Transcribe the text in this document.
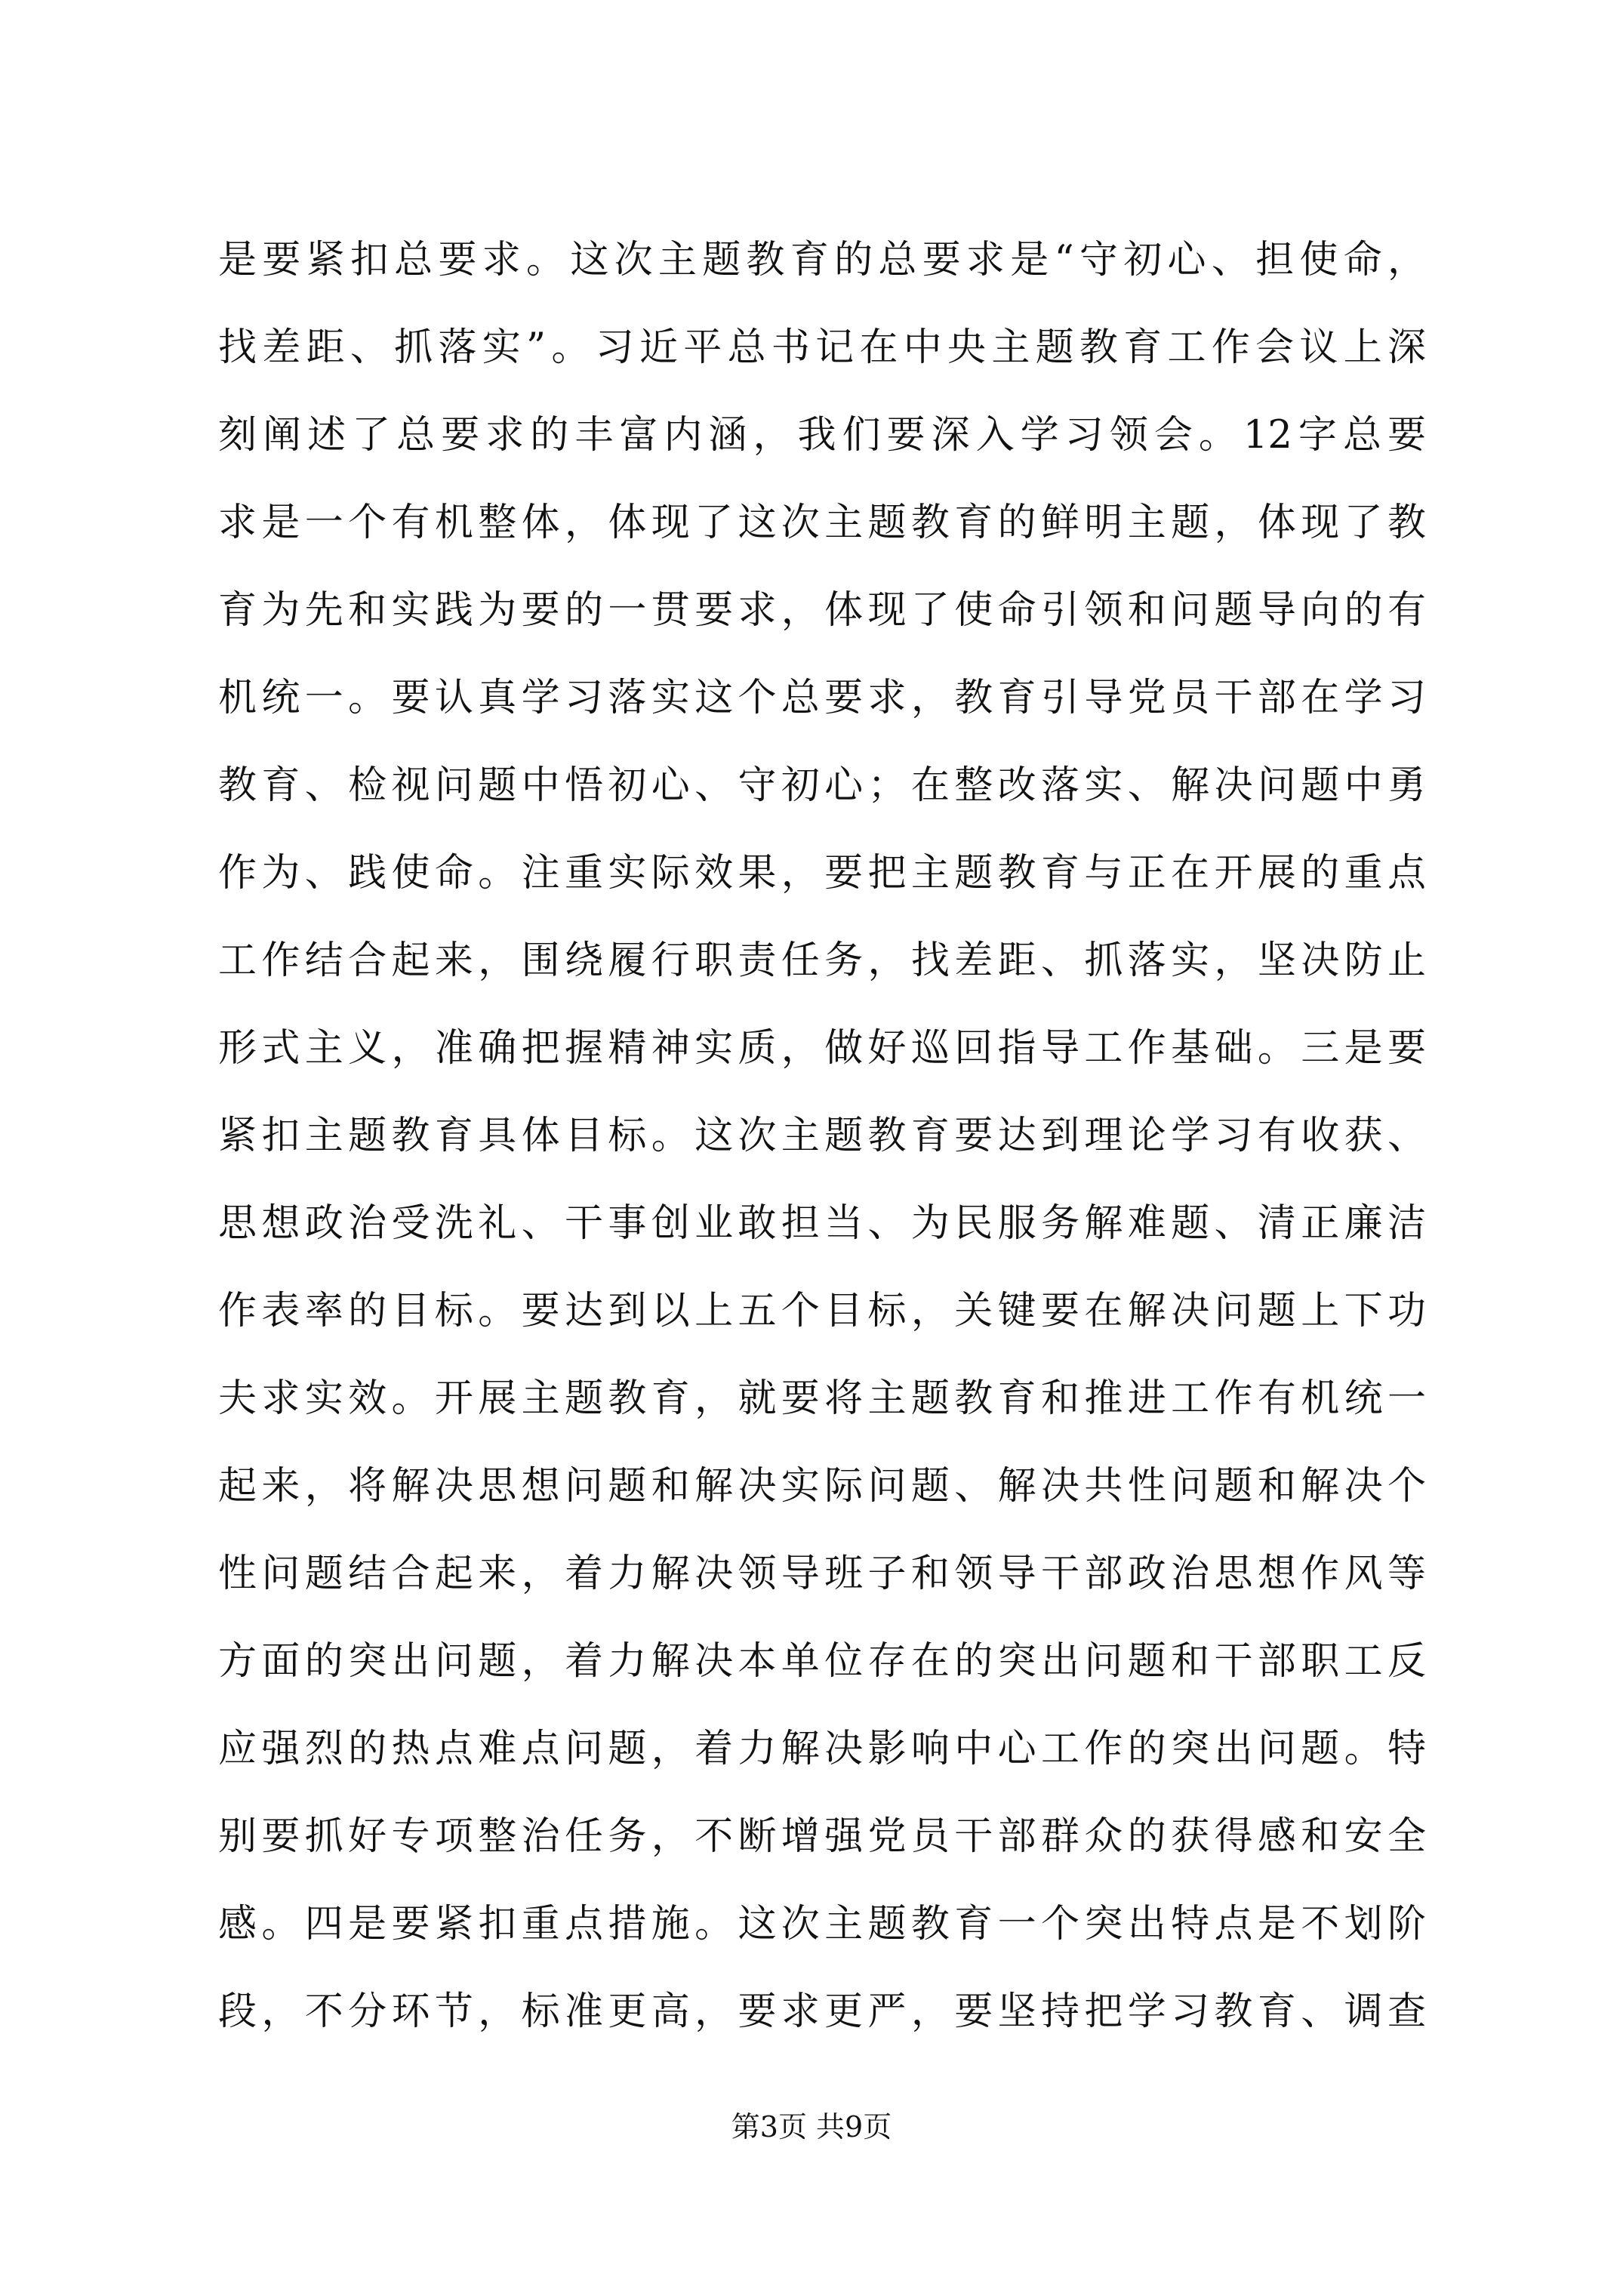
是要紧扣总要求。这次主题教育的总要求是“守初心、担使命，
找差距、抓落实”。习近平总书记在中央主题教育工作会议上深
刻阐述了总要求的丰富内涵，我们要深入学习领会。12字总要
求是一个有机整体，体现了这次主题教育的鲜明主题，体现了教
育为先和实践为要的一贯要求，体现了使命引领和问题导向的有
机统一。要认真学习落实这个总要求，教育引导党员干部在学习
教育、检视问题中悟初心、守初心；在整改落实、解决问题中勇
作为、践使命。注重实际效果，要把主题教育与正在开展的重点
工作结合起来，围绕履行职责任务，找差距、抓落实，坚决防止
形式主义，准确把握精神实质，做好巡回指导工作基础。三是要
紧扣主题教育具体目标。这次主题教育要达到理论学习有收获、
思想政治受洗礼、干事创业敢担当、为民服务解难题、清正廉洁
作表率的目标。要达到以上五个目标，关键要在解决问题上下功
夫求实效。开展主题教育，就要将主题教育和推进工作有机统一
起来，将解决思想问题和解决实际问题、解决共性问题和解决个
性问题结合起来，着力解决领导班子和领导干部政治思想作风等
方面的突出问题，着力解决本单位存在的突出问题和干部职工反
应强烈的热点难点问题，着力解决影响中心工作的突出问题。特
别要抓好专项整治任务，不断增强党员干部群众的获得感和安全
感。四是要紧扣重点措施。这次主题教育一个突出特点是不划阶
段，不分环节，标准更高，要求更严，要坚持把学习教育、调查
第3页 共9页
